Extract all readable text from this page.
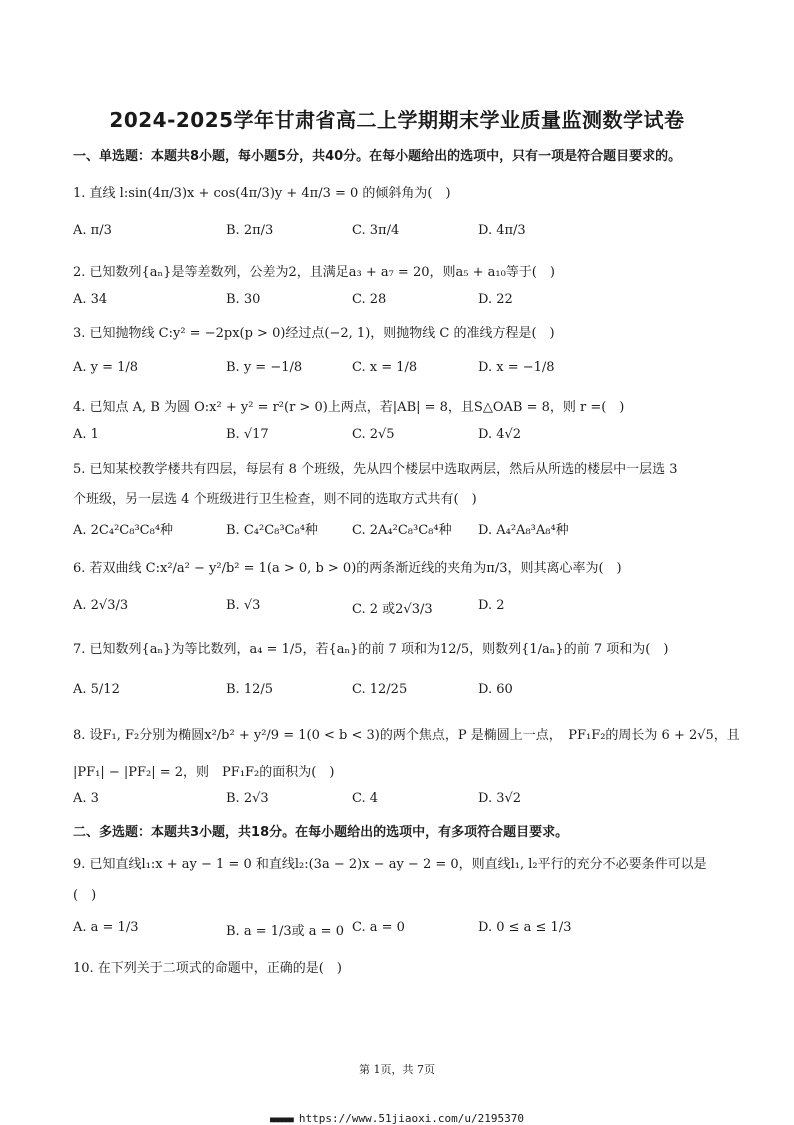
2024-2025学年甘肃省高二上学期期末学业质量监测数学试卷
一、单选题：本题共8小题，每小题5分，共40分。在每小题给出的选项中，只有一项是符合题目要求的。
1. 直线 l:sin(4π/3)x + cos(4π/3)y + 4π/3 = 0 的倾斜角为(　)
A. π/3	B. 2π/3	C. 3π/4	D. 4π/3
2. 已知数列{aₙ}是等差数列，公差为2，且满足a₃ + a₇ = 20，则a₅ + a₁₀等于(　)
A. 34	B. 30	C. 28	D. 22
3. 已知抛物线 C:y² = −2px(p > 0)经过点(−2, 1)，则抛物线 C 的准线方程是(　)
A. y = 1/8	B. y = −1/8	C. x = 1/8	D. x = −1/8
4. 已知点 A, B 为圆 O:x² + y² = r²(r > 0)上两点，若|AB| = 8，且S△OAB = 8，则 r =(　)
A. 1	B. √17	C. 2√5	D. 4√2
5. 已知某校教学楼共有四层，每层有 8 个班级，先从四个楼层中选取两层，然后从所选的楼层中一层选 3
个班级，另一层选 4 个班级进行卫生检查，则不同的选取方式共有(　)
A. 2C₄²C₈³C₈⁴种	B. C₄²C₈³C₈⁴种	C. 2A₄²C₈³C₈⁴种 D. A₄²A₈³A₈⁴种
6. 若双曲线 C:x²/a² − y²/b² = 1(a > 0, b > 0)的两条渐近线的夹角为π/3，则其离心率为(　)
A. 2√3/3	B. √3	C. 2 或2√3/3	D. 2
7. 已知数列{aₙ}为等比数列，a₄ = 1/5，若{aₙ}的前 7 项和为12/5，则数列{1/aₙ}的前 7 项和为(　)
A. 5/12	B. 12/5	C. 12/25	D. 60
8. 设F₁, F₂分别为椭圆x²/b² + y²/9 = 1(0 < b < 3)的两个焦点，P 是椭圆上一点，　PF₁F₂的周长为 6 + 2√5，且
|PF₁| − |PF₂| = 2，则　PF₁F₂的面积为(　)
A. 3	B. 2√3	C. 4	D. 3√2
二、多选题：本题共3小题，共18分。在每小题给出的选项中，有多项符合题目要求。
9. 已知直线l₁:x + ay − 1 = 0 和直线l₂:(3a − 2)x − ay − 2 = 0，则直线l₁, l₂平行的充分不必要条件可以是
(　)
A. a = 1/3	B. a = 1/3或 a = 0 C. a = 0	D. 0 ≤ a ≤ 1/3
10. 在下列关于二项式的命题中，正确的是(　)
第 1页，共 7页
■■■■■■ https://www.51jiaoxi.com/u/2195370
